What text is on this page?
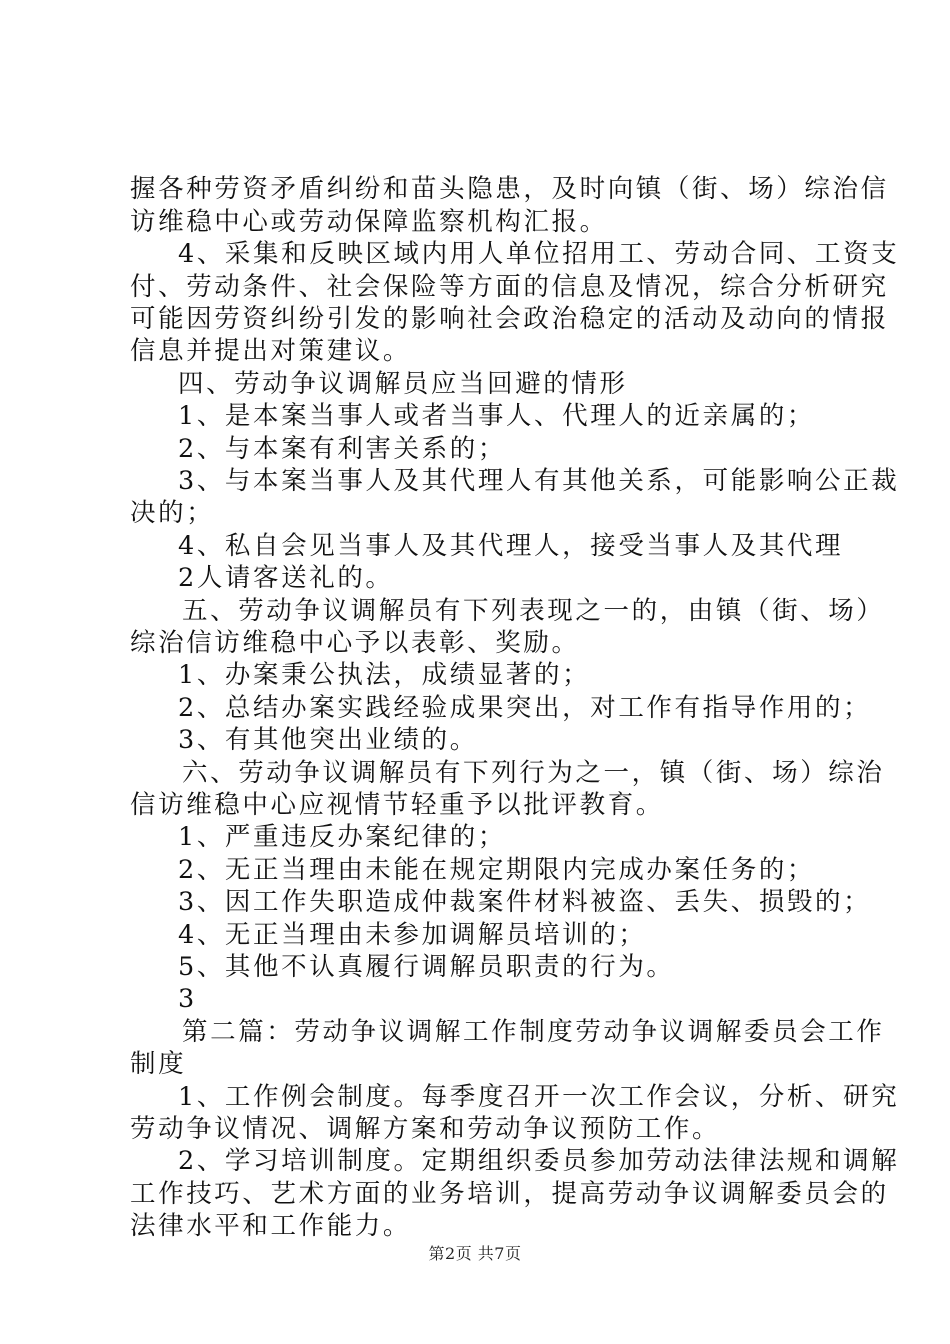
握各种劳资矛盾纠纷和苗头隐患，及时向镇（街、场）综治信
访维稳中心或劳动保障监察机构汇报。
4、采集和反映区域内用人单位招用工、劳动合同、工资支
付、劳动条件、社会保险等方面的信息及情况，综合分析研究
可能因劳资纠纷引发的影响社会政治稳定的活动及动向的情报
信息并提出对策建议。
四、劳动争议调解员应当回避的情形
1、是本案当事人或者当事人、代理人的近亲属的；
2、与本案有利害关系的；
3、与本案当事人及其代理人有其他关系，可能影响公正裁
决的；
4、私自会见当事人及其代理人，接受当事人及其代理
2人请客送礼的。
五、劳动争议调解员有下列表现之一的，由镇（街、场）
综治信访维稳中心予以表彰、奖励。
1、办案秉公执法，成绩显著的；
2、总结办案实践经验成果突出，对工作有指导作用的；
3、有其他突出业绩的。
六、劳动争议调解员有下列行为之一，镇（街、场）综治
信访维稳中心应视情节轻重予以批评教育。
1、严重违反办案纪律的；
2、无正当理由未能在规定期限内完成办案任务的；
3、因工作失职造成仲裁案件材料被盗、丢失、损毁的；
4、无正当理由未参加调解员培训的；
5、其他不认真履行调解员职责的行为。
3
第二篇：劳动争议调解工作制度劳动争议调解委员会工作
制度
1、工作例会制度。每季度召开一次工作会议，分析、研究
劳动争议情况、调解方案和劳动争议预防工作。
2、学习培训制度。定期组织委员参加劳动法律法规和调解
工作技巧、艺术方面的业务培训，提高劳动争议调解委员会的
法律水平和工作能力。
第2页 共7页
